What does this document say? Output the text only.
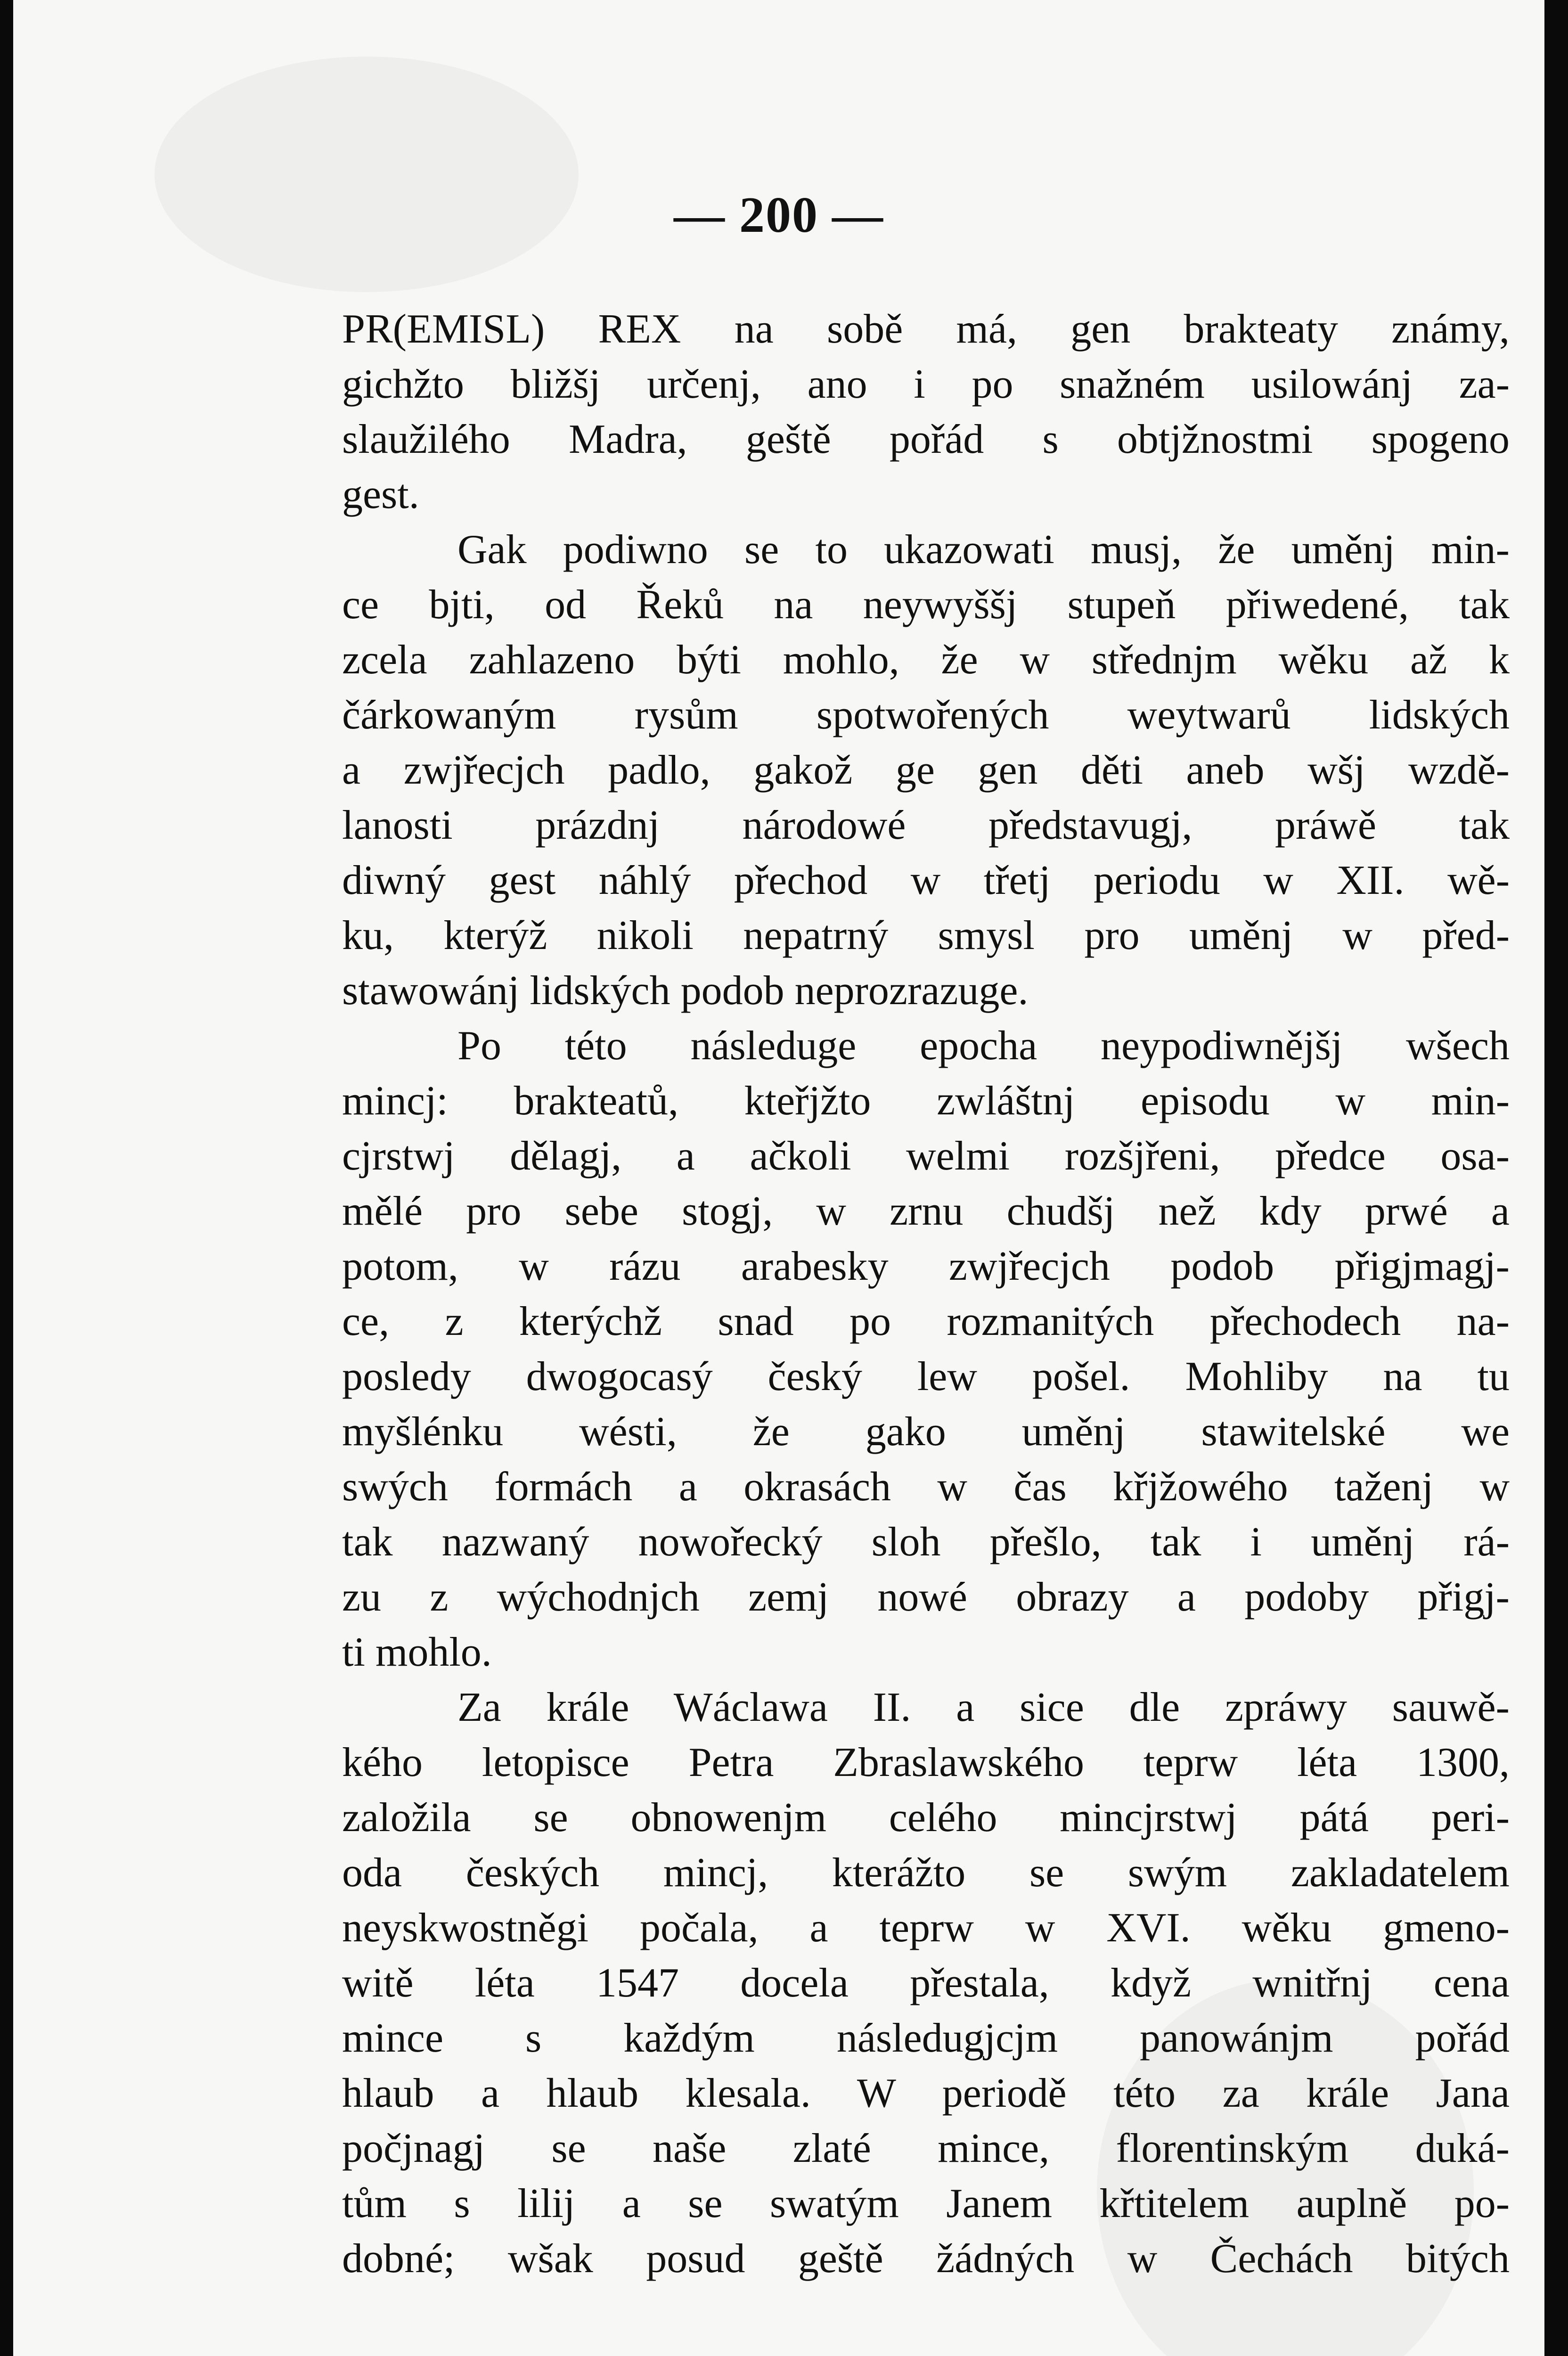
— 200 —
PR(EMISL) REX na sobě má, gen brakteaty známy,
gichžto bližšj určenj, ano i po snažném usilowánj za-
slaužilého Madra, geště pořád s obtjžnostmi spogeno
gest.
Gak podiwno se to ukazowati musj, že uměnj min-
ce bjti, od Řeků na neywyššj stupeň přiwedené, tak
zcela zahlazeno býti mohlo, že w střednjm wěku až k
čárkowaným rysům spotwořených weytwarů lidských
a zwjřecjch padlo, gakož ge gen děti aneb wšj wzdě-
lanosti prázdnj národowé představugj, práwě tak
diwný gest náhlý přechod w třetj periodu w XII. wě-
ku, kterýž nikoli nepatrný smysl pro uměnj w před-
stawowánj lidských podob neprozrazuge.
Po této následuge epocha neypodiwnějšj wšech
mincj: brakteatů, kteřjžto zwláštnj episodu w min-
cjrstwj dělagj, a ačkoli welmi rozšjřeni, předce osa-
mělé pro sebe stogj, w zrnu chudšj než kdy prwé a
potom, w rázu arabesky zwjřecjch podob přigjmagj-
ce, z kterýchž snad po rozmanitých přechodech na-
posledy dwogocasý český lew pošel. Mohliby na tu
myšlénku wésti, že gako uměnj stawitelské we
swých formách a okrasách w čas křjžowého taženj w
tak nazwaný nowořecký sloh přešlo, tak i uměnj rá-
zu z wýchodnjch zemj nowé obrazy a podoby přigj-
ti mohlo.
Za krále Wáclawa II. a sice dle zpráwy sauwě-
kého letopisce Petra Zbraslawského teprw léta 1300,
založila se obnowenjm celého mincjrstwj pátá peri-
oda českých mincj, kterážto se swým zakladatelem
neyskwostněgi počala, a teprw w XVI. wěku gmeno-
witě léta 1547 docela přestala, když wnitřnj cena
mince s každým následugjcjm panowánjm pořád
hlaub a hlaub klesala. W periodě této za krále Jana
počjnagj se naše zlaté mince, florentinským duká-
tům s lilij a se swatým Janem křtitelem auplně po-
dobné; wšak posud geště žádných w Čechách bitých
